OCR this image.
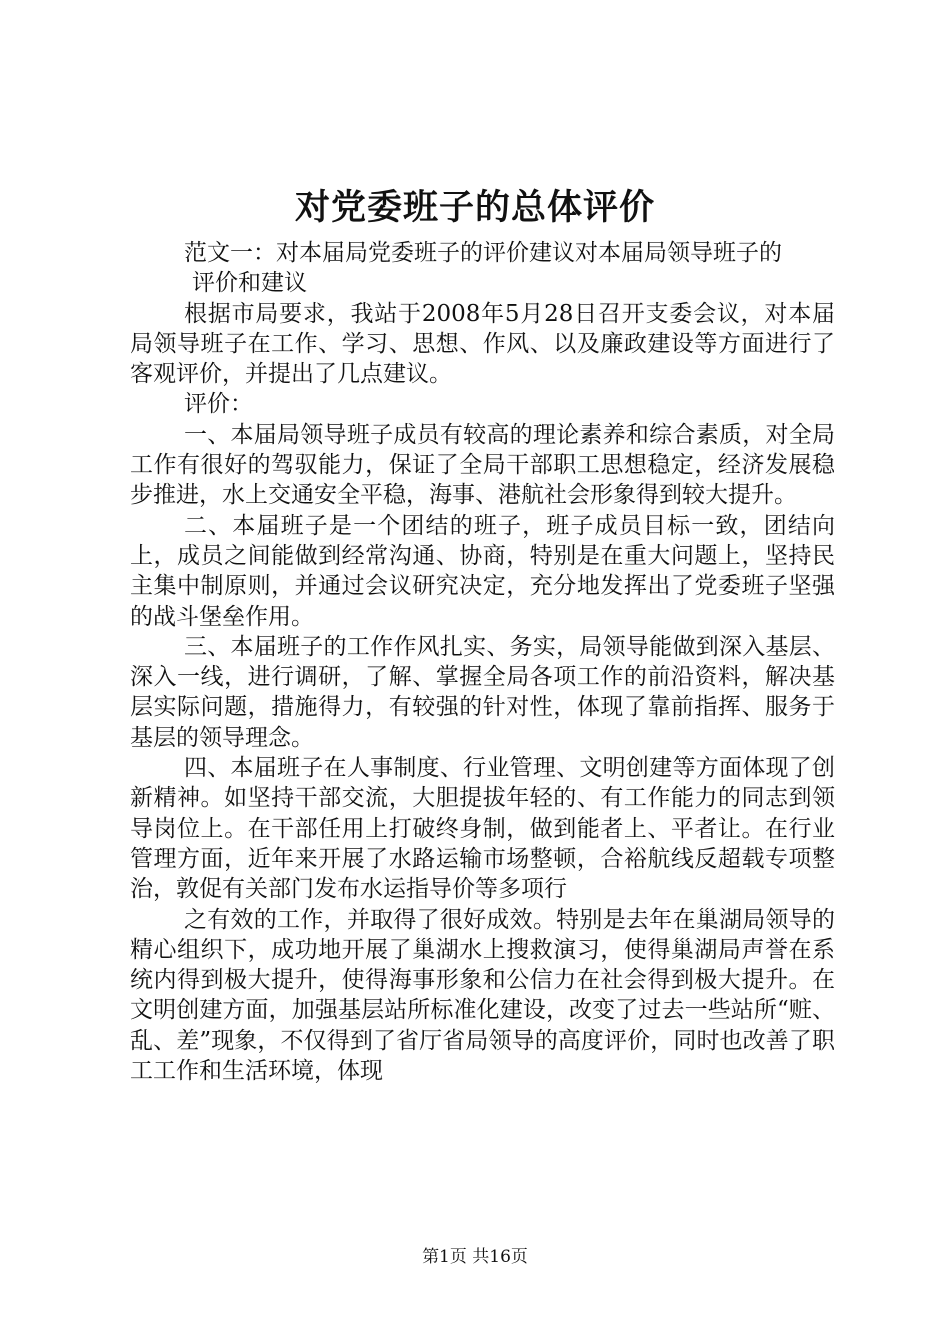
对党委班子的总体评价

范文一：对本届局党委班子的评价建议对本届局领导班子的

评价和建议

根据市局要求，我站于2008年5月28日召开支委会议，对本届局领导班子在工作、学习、思想、作风、以及廉政建设等方面进行了客观评价，并提出了几点建议。

评价：

一、本届局领导班子成员有较高的理论素养和综合素质，对全局工作有很好的驾驭能力，保证了全局干部职工思想稳定，经济发展稳步推进，水上交通安全平稳，海事、港航社会形象得到较大提升。

二、本届班子是一个团结的班子，班子成员目标一致，团结向上，成员之间能做到经常沟通、协商，特别是在重大问题上，坚持民主集中制原则，并通过会议研究决定，充分地发挥出了党委班子坚强的战斗堡垒作用。

三、本届班子的工作作风扎实、务实，局领导能做到深入基层、深入一线，进行调研，了解、掌握全局各项工作的前沿资料，解决基层实际问题，措施得力，有较强的针对性，体现了靠前指挥、服务于基层的领导理念。

四、本届班子在人事制度、行业管理、文明创建等方面体现了创新精神。如坚持干部交流，大胆提拔年轻的、有工作能力的同志到领导岗位上。在干部任用上打破终身制，做到能者上、平者让。在行业管理方面，近年来开展了水路运输市场整顿，合裕航线反超载专项整治，敦促有关部门发布水运指导价等多项行

之有效的工作，并取得了很好成效。特别是去年在巢湖局领导的精心组织下，成功地开展了巢湖水上搜救演习，使得巢湖局声誉在系统内得到极大提升，使得海事形象和公信力在社会得到极大提升。在文明创建方面，加强基层站所标准化建设，改变了过去一些站所“赃、乱、差”现象，不仅得到了省厅省局领导的高度评价，同时也改善了职工工作和生活环境，体现

第1页 共16页
